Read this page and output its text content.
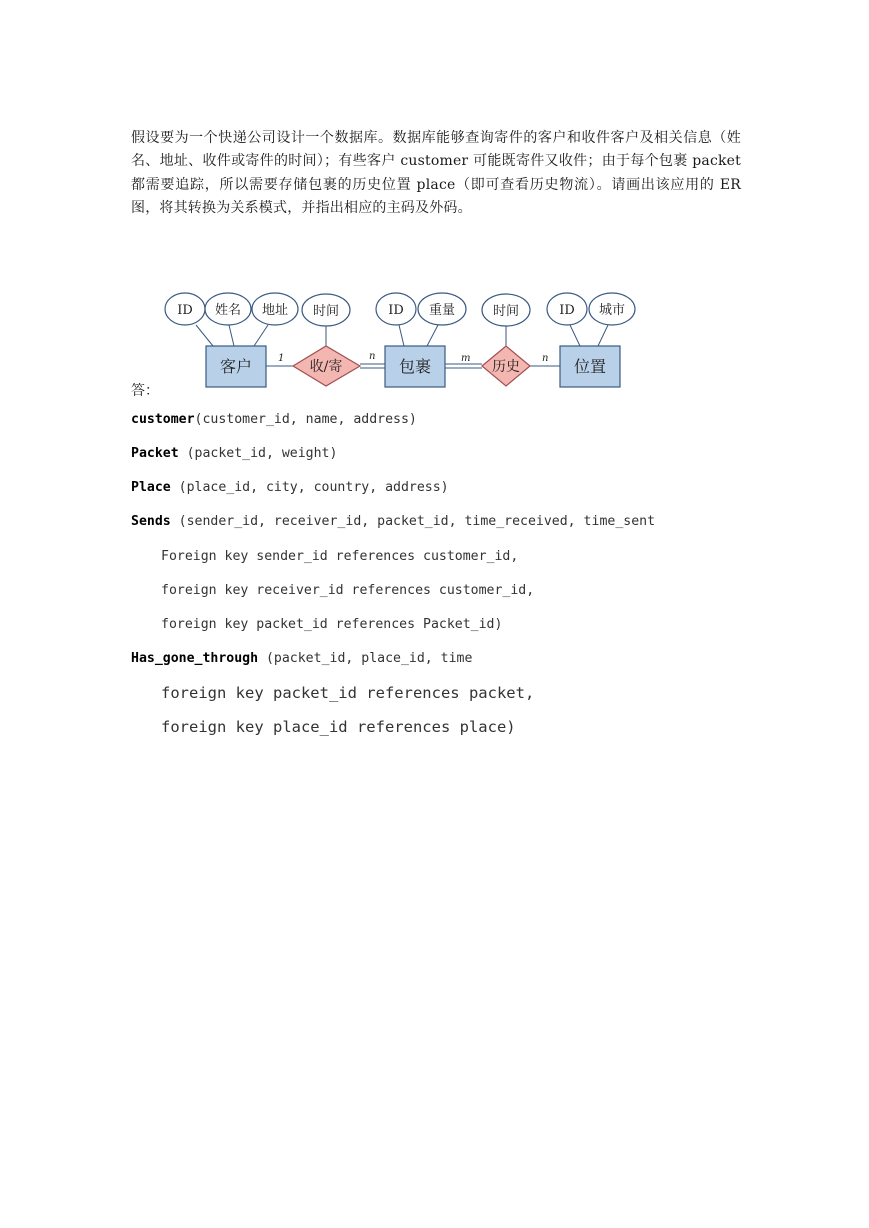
假设要为一个快递公司设计一个数据库。数据库能够查询寄件的客户和收件客户及相关信息（姓名、地址、收件或寄件的时间）；有些客户 customer 可能既寄件又收件；由于每个包裹 packet 都需要追踪，所以需要存储包裹的历史位置 place（即可查看历史物流）。请画出该应用的 ER 图，将其转换为关系模式，并指出相应的主码及外码。

ID 姓名 地址 时间	ID 重量	时间	ID 城市
客户	包裹	位置
收/寄	历史
1	n	m	n
答：
customer(customer_id, name, address)
Packet (packet_id, weight)
Place (place_id, city, country, address)
Sends (sender_id, receiver_id, packet_id, time_received, time_sent
Foreign key sender_id references customer_id,
foreign key receiver_id references customer_id,
foreign key packet_id references Packet_id)
Has_gone_through (packet_id, place_id, time
foreign key packet_id references packet,
foreign key place_id references place)
